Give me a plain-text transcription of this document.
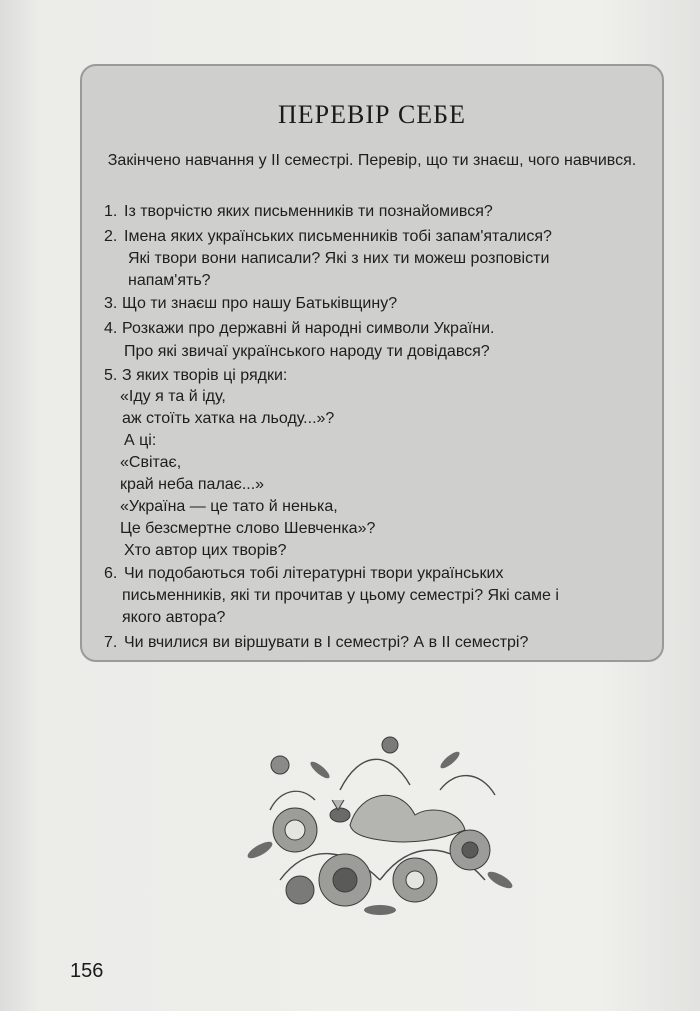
ПЕРЕВІР СЕБЕ
Закінчено навчання у ІІ семестрі. Перевір, що ти знаєш, чого навчився.
1. Із творчістю яких письменників ти познайомився?
2. Імена яких українських письменників тобі запам'яталися?
Які твори вони написали? Які з них ти можеш розповісти
напам'ять?
3. Що ти знаєш про нашу Батьківщину?
4. Розкажи про державні й народні символи України.
Про які звичаї українського народу ти довідався?
5. З яких творів ці рядки:
«Іду я та й іду,
аж стоїть хатка на льоду...»?
А ці:
«Світає,
край неба палає...»
«Україна — це тато й ненька,
Це безсмертне слово Шевченка»?
Хто автор цих творів?
6. Чи подобаються тобі літературні твори українських
письменників, які ти прочитав у цьому семестрі? Які саме і
якого автора?
7. Чи вчилися ви віршувати в І семестрі? А в ІІ семестрі?
156
